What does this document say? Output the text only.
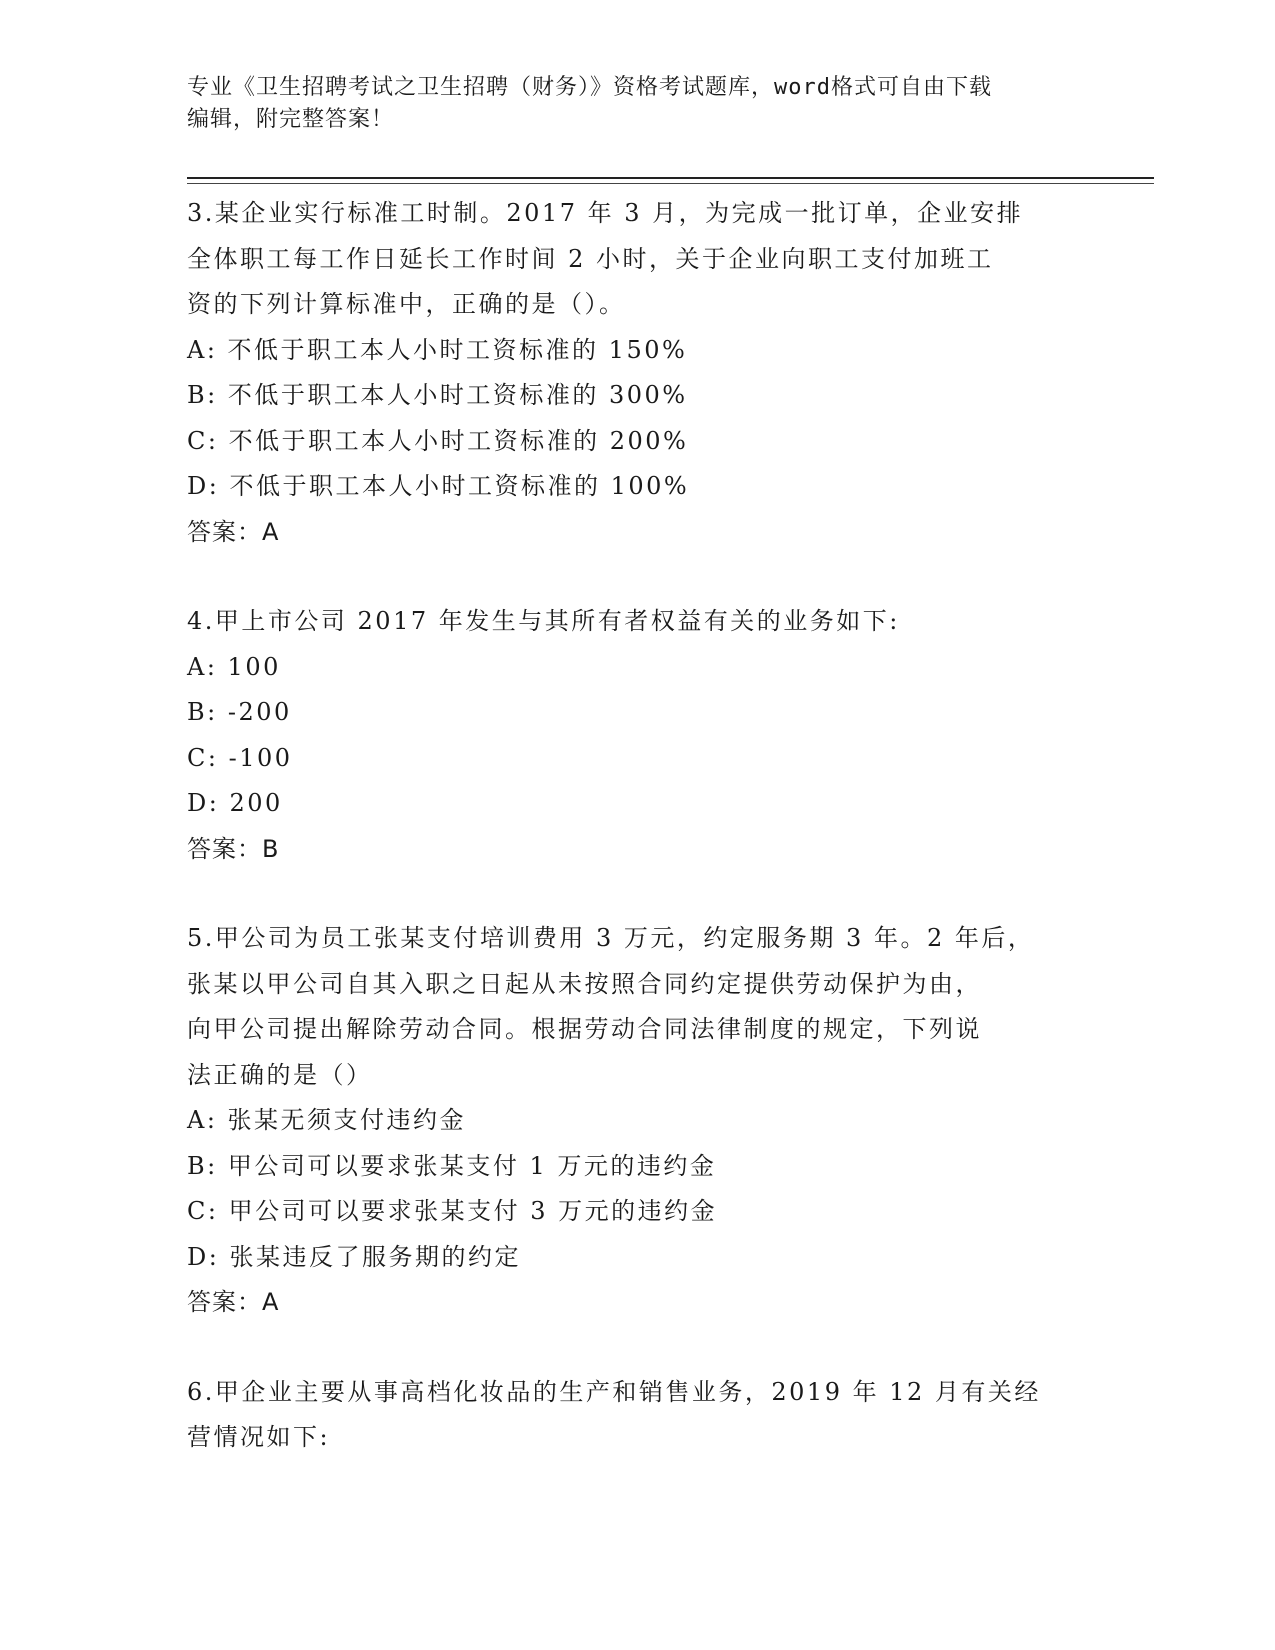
专业《卫生招聘考试之卫生招聘（财务）》资格考试题库，word格式可自由下载
编辑，附完整答案！
3.某企业实行标准工时制。2017 年 3 月，为完成一批订单，企业安排
全体职工每工作日延长工作时间 2 小时，关于企业向职工支付加班工
资的下列计算标准中，正确的是（）。
A: 不低于职工本人小时工资标准的 150%
B: 不低于职工本人小时工资标准的 300%
C: 不低于职工本人小时工资标准的 200%
D: 不低于职工本人小时工资标准的 100%
答案：A
4.甲上市公司 2017 年发生与其所有者权益有关的业务如下:
A: 100
B: -200
C: -100
D: 200
答案：B
5.甲公司为员工张某支付培训费用 3 万元，约定服务期 3 年。2 年后，
张某以甲公司自其入职之日起从未按照合同约定提供劳动保护为由，
向甲公司提出解除劳动合同。根据劳动合同法律制度的规定，下列说
法正确的是（）
A: 张某无须支付违约金
B: 甲公司可以要求张某支付 1 万元的违约金
C: 甲公司可以要求张某支付 3 万元的违约金
D: 张某违反了服务期的约定
答案：A
6.甲企业主要从事高档化妆品的生产和销售业务，2019 年 12 月有关经
营情况如下:
